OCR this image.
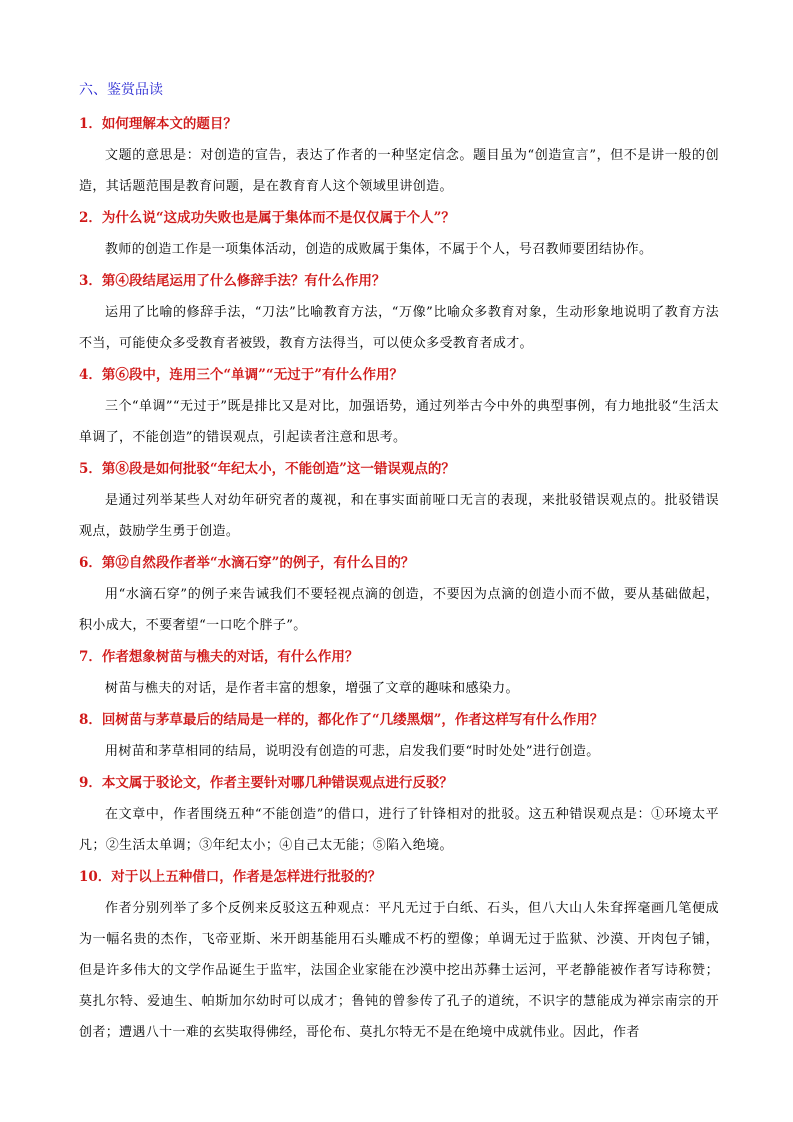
六、鉴赏品读
1．如何理解本文的题目？

文题的意思是：对创造的宣告，表达了作者的一种坚定信念。题目虽为“创造宣言”，但不是讲一般的创造，其话题范围是教育问题，是在教育育人这个领域里讲创造。

2．为什么说“这成功失败也是属于集体而不是仅仅属于个人”？

教师的创造工作是一项集体活动，创造的成败属于集体，不属于个人，号召教师要团结协作。

3．第④段结尾运用了什么修辞手法？有什么作用？

运用了比喻的修辞手法，“刀法”比喻教育方法，“万像”比喻众多教育对象，生动形象地说明了教育方法不当，可能使众多受教育者被毁，教育方法得当，可以使众多受教育者成才。

4．第⑥段中，连用三个“单调”“无过于”有什么作用？

三个“单调”“无过于”既是排比又是对比，加强语势，通过列举古今中外的典型事例，有力地批驳“生活太单调了，不能创造”的错误观点，引起读者注意和思考。

5．第⑧段是如何批驳“年纪太小，不能创造”这一错误观点的？

是通过列举某些人对幼年研究者的蔑视，和在事实面前哑口无言的表现，来批驳错误观点的。批驳错误观点，鼓励学生勇于创造。

6．第⑫自然段作者举“水滴石穿”的例子，有什么目的？

用“水滴石穿”的例子来告诫我们不要轻视点滴的创造，不要因为点滴的创造小而不做，要从基础做起，积小成大，不要奢望“一口吃个胖子”。

7．作者想象树苗与樵夫的对话，有什么作用？

树苗与樵夫的对话，是作者丰富的想象，增强了文章的趣味和感染力。

8．回树苗与茅草最后的结局是一样的，都化作了“几缕黑烟”，作者这样写有什么作用？

用树苗和茅草相同的结局，说明没有创造的可悲，启发我们要“时时处处”进行创造。

9．本文属于驳论文，作者主要针对哪几种错误观点进行反驳？

在文章中，作者围绕五种“不能创造”的借口，进行了针锋相对的批驳。这五种错误观点是：①环境太平凡；②生活太单调；③年纪太小；④自己太无能；⑤陷入绝境。

10．对于以上五种借口，作者是怎样进行批驳的？

作者分别列举了多个反例来反驳这五种观点：平凡无过于白纸、石头，但八大山人朱耷挥毫画几笔便成为一幅名贵的杰作，飞帝亚斯、米开朗基能用石头雕成不朽的塑像；单调无过于监狱、沙漠、开肉包子铺，但是许多伟大的文学作品诞生于监牢，法国企业家能在沙漠中挖出苏彝士运河，平老静能被作者写诗称赞；莫扎尔特、爱迪生、帕斯加尔幼时可以成才；鲁钝的曾参传了孔子的道统，不识字的慧能成为禅宗南宗的开创者；遭遇八十一难的玄奘取得佛经，哥伦布、莫扎尔特无不是在绝境中成就伟业。因此，作者
